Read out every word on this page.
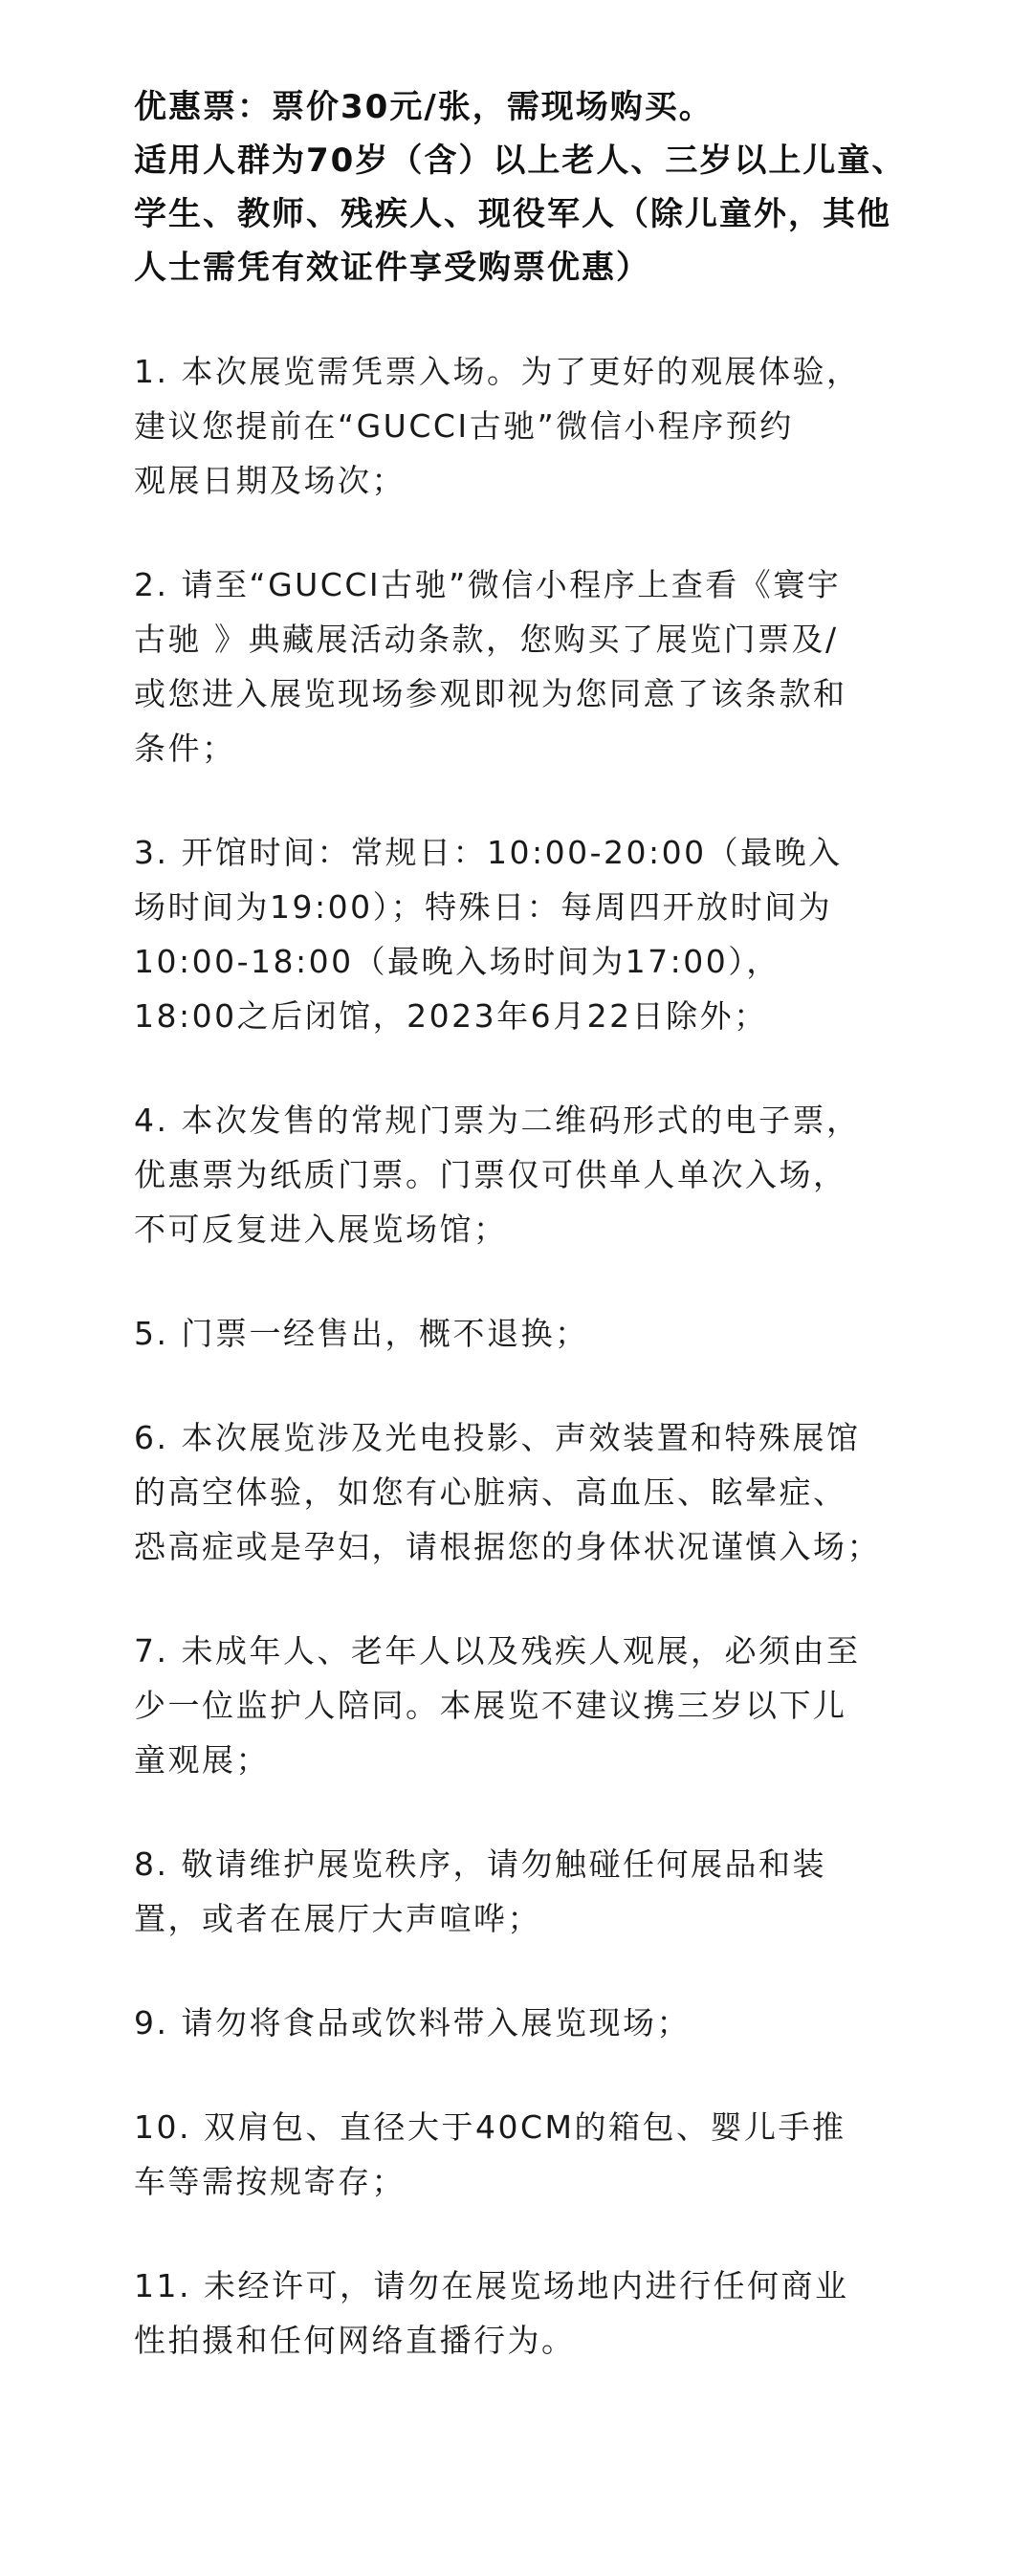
优惠票：票价30元/张，需现场购买。

适用人群为70岁（含）以上老人、三岁以上儿童、

学生、教师、残疾人、现役军人（除儿童外，其他

人士需凭有效证件享受购票优惠）

1. 本次展览需凭票入场。为了更好的观展体验，
建议您提前在“GUCCI古驰”微信小程序预约
观展日期及场次；
2. 请至“GUCCI古驰”微信小程序上查看《寰宇
古驰 》典藏展活动条款，您购买了展览门票及/
或您进入展览现场参观即视为您同意了该条款和
条件；
3. 开馆时间：常规日：10:00-20:00（最晚入
场时间为19:00）；特殊日：每周四开放时间为
10:00-18:00（最晚入场时间为17:00），
18:00之后闭馆，2023年6月22日除外；
4. 本次发售的常规门票为二维码形式的电子票，
优惠票为纸质门票。门票仅可供单人单次入场，
不可反复进入展览场馆；
5. 门票一经售出，概不退换；
6. 本次展览涉及光电投影、声效装置和特殊展馆
的高空体验，如您有心脏病、高血压、眩晕症、
恐高症或是孕妇，请根据您的身体状况谨慎入场；
7. 未成年人、老年人以及残疾人观展，必须由至
少一位监护人陪同。本展览不建议携三岁以下儿
童观展；
8. 敬请维护展览秩序，请勿触碰任何展品和装
置，或者在展厅大声喧哗；
9. 请勿将食品或饮料带入展览现场；
10. 双肩包、直径大于40CM的箱包、婴儿手推
车等需按规寄存；
11. 未经许可，请勿在展览场地内进行任何商业
性拍摄和任何网络直播行为。
